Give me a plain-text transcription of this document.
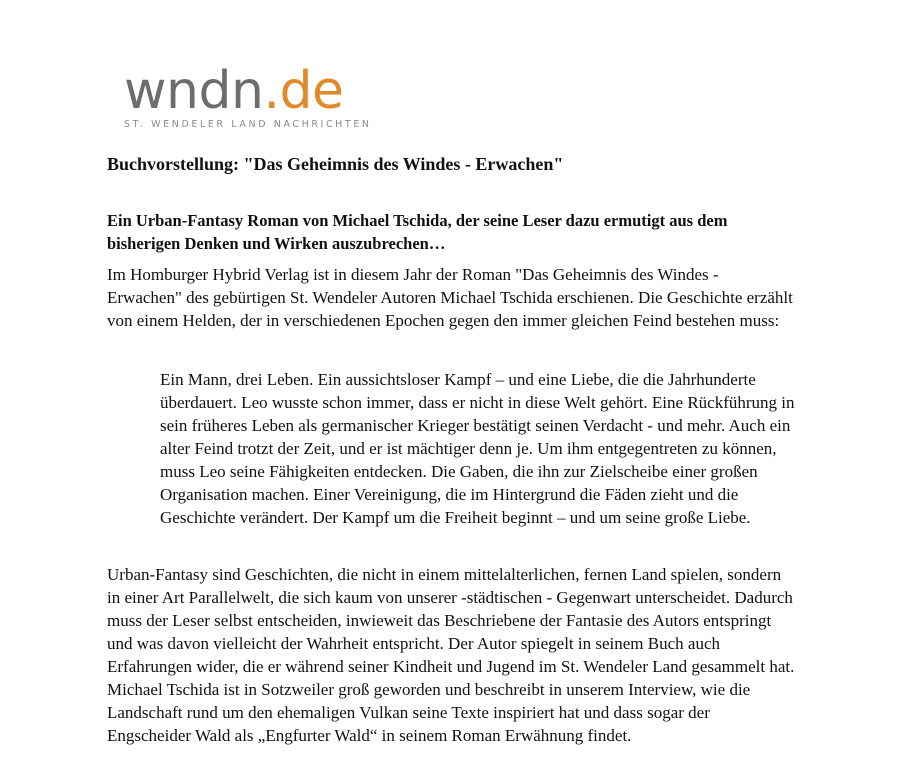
wndn.de
ST. WENDELER LAND NACHRICHTEN
Buchvorstellung: "Das Geheimnis des Windes - Erwachen"

Ein Urban-Fantasy Roman von Michael Tschida, der seine Leser dazu ermutigt aus dem bisherigen Denken und Wirken auszubrechen…

Im Homburger Hybrid Verlag ist in diesem Jahr der Roman "Das Geheimnis des Windes - Erwachen" des gebürtigen St. Wendeler Autoren Michael Tschida erschienen. Die Geschichte erzählt von einem Helden, der in verschiedenen Epochen gegen den immer gleichen Feind bestehen muss:

Ein Mann, drei Leben. Ein aussichtsloser Kampf – und eine Liebe, die die Jahrhunderte überdauert. Leo wusste schon immer, dass er nicht in diese Welt gehört. Eine Rückführung in sein früheres Leben als germanischer Krieger bestätigt seinen Verdacht - und mehr. Auch ein alter Feind trotzt der Zeit, und er ist mächtiger denn je. Um ihm entgegentreten zu können, muss Leo seine Fähigkeiten entdecken. Die Gaben, die ihn zur Zielscheibe einer großen Organisation machen. Einer Vereinigung, die im Hintergrund die Fäden zieht und die Geschichte verändert. Der Kampf um die Freiheit beginnt – und um seine große Liebe.

Urban-Fantasy sind Geschichten, die nicht in einem mittelalterlichen, fernen Land spielen, sondern in einer Art Parallelwelt, die sich kaum von unserer -städtischen - Gegenwart unterscheidet. Dadurch muss der Leser selbst entscheiden, inwieweit das Beschriebene der Fantasie des Autors entspringt und was davon vielleicht der Wahrheit entspricht. Der Autor spiegelt in seinem Buch auch Erfahrungen wider, die er während seiner Kindheit und Jugend im St. Wendeler Land gesammelt hat. Michael Tschida ist in Sotzweiler groß geworden und beschreibt in unserem Interview, wie die Landschaft rund um den ehemaligen Vulkan seine Texte inspiriert hat und dass sogar der Engscheider Wald als „Engfurter Wald“ in seinem Roman Erwähnung findet.
